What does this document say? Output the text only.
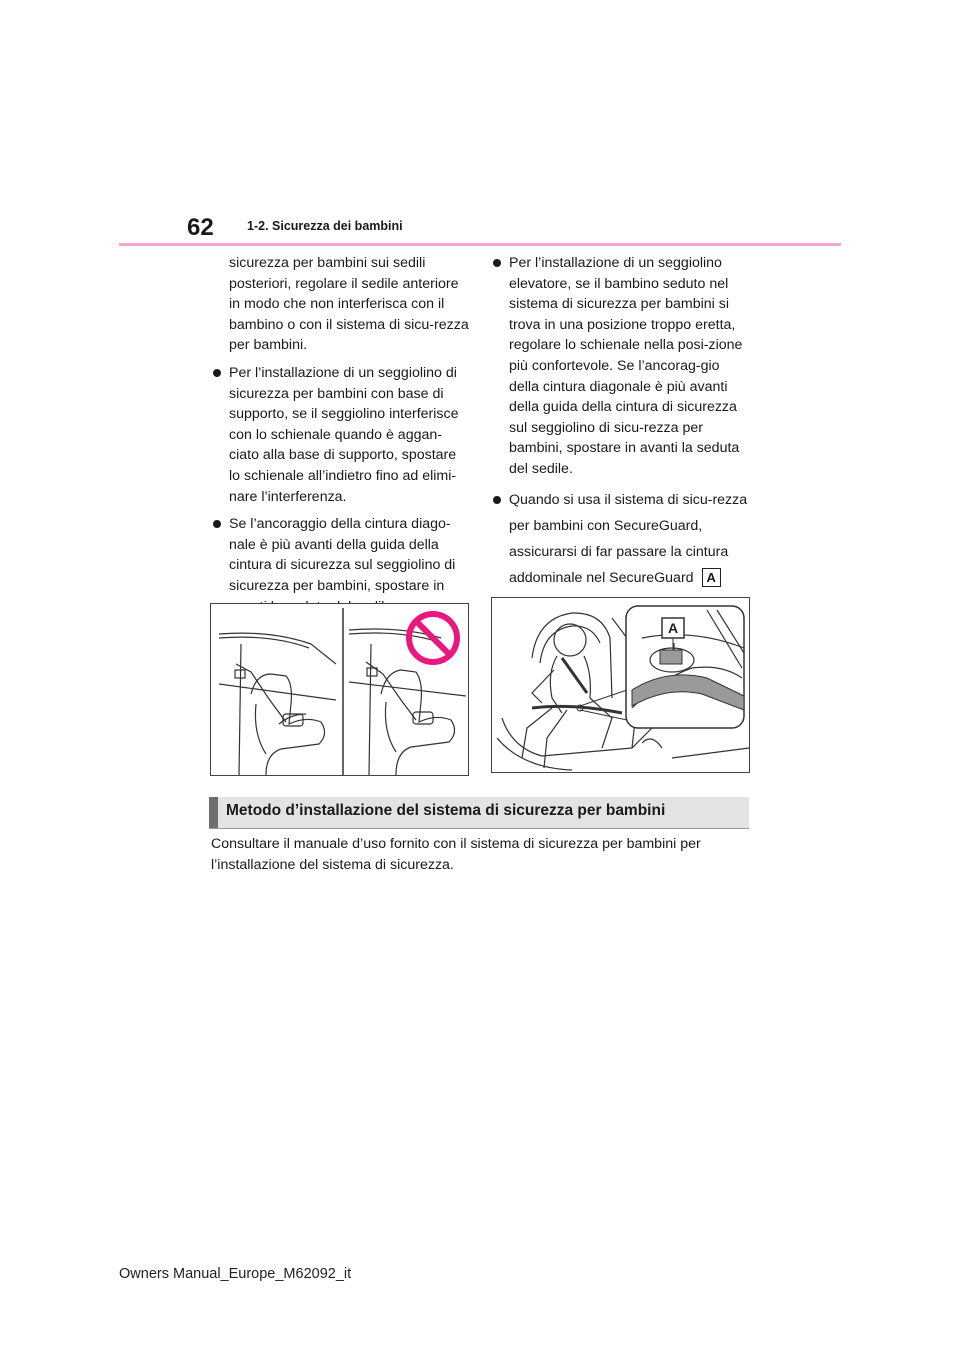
62	1-2. Sicurezza dei bambini

sicurezza per bambini sui sedili posteriori, regolare il sedile anteriore in modo che non interferisca con il bambino o con il sistema di sicu-rezza per bambini.

Per l’installazione di un seggiolino di sicurezza per bambini con base di supporto, se il seggiolino interferisce con lo schienale quando è aggan-ciato alla base di supporto, spostare lo schienale all’indietro fino ad elimi-nare l’interferenza.

Se l’ancoraggio della cintura diago-nale è più avanti della guida della cintura di sicurezza sul seggiolino di sicurezza per bambini, spostare in

Per l’installazione di un seggiolino elevatore, se il bambino seduto nel sistema di sicurezza per bambini si trova in una posizione troppo eretta, regolare lo schienale nella posi-zione più confortevole. Se l’ancorag-gio della cintura diagonale è più avanti della guida della cintura di sicurezza sul seggiolino di sicu-rezza per bambini, spostare in avanti la seduta del sedile.

Quando si usa il sistema di sicu-rezza per bambini con SecureGuard, assicurarsi di far passare la cintura addominale nel SecureGuard A

A
Metodo d’installazione del sistema di sicurezza per bambini
Consultare il manuale d’uso fornito con il sistema di sicurezza per bambini per l’installazione del sistema di sicurezza.
Owners Manual_Europe_M62092_it
